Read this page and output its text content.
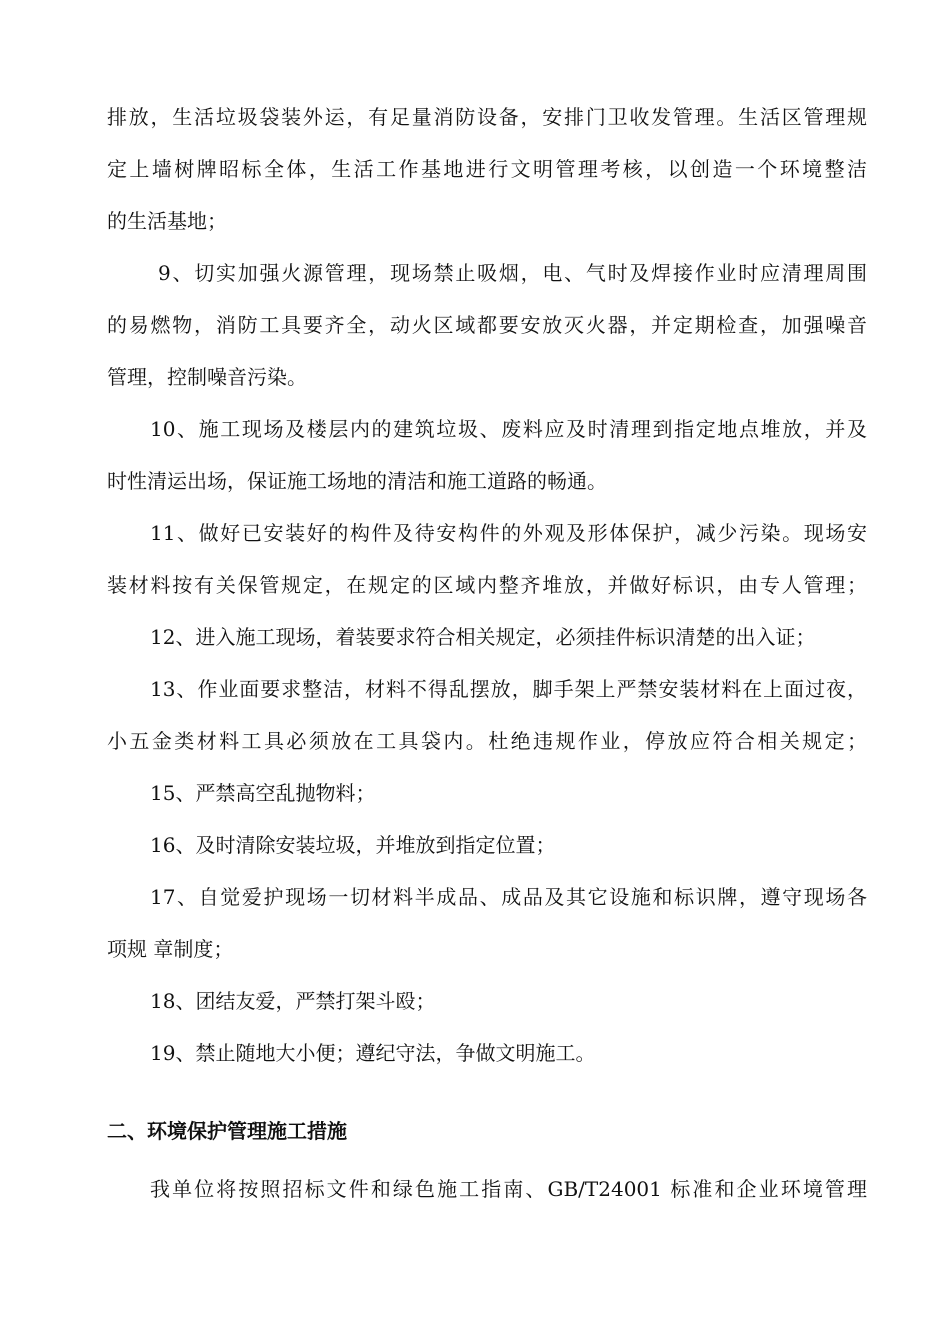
排放，生活垃圾袋装外运，有足量消防设备，安排门卫收发管理。生活区管理规
定上墙树牌昭标全体，生活工作基地进行文明管理考核，以创造一个环境整洁
的生活基地；
9、切实加强火源管理，现场禁止吸烟，电、气时及焊接作业时应清理周围
的易燃物，消防工具要齐全，动火区域都要安放灭火器，并定期检查，加强噪音
管理，控制噪音污染。
10、施工现场及楼层内的建筑垃圾、废料应及时清理到指定地点堆放，并及
时性清运出场，保证施工场地的清洁和施工道路的畅通。
11、做好已安装好的构件及待安构件的外观及形体保护，减少污染。现场安
装材料按有关保管规定，在规定的区域内整齐堆放，并做好标识，由专人管理；
12、进入施工现场，着装要求符合相关规定，必须挂件标识清楚的出入证；
13、作业面要求整洁，材料不得乱摆放，脚手架上严禁安装材料在上面过夜，
小五金类材料工具必须放在工具袋内。杜绝违规作业，停放应符合相关规定；
15、严禁高空乱抛物料；
16、及时清除安装垃圾，并堆放到指定位置；
17、自觉爱护现场一切材料半成品、成品及其它设施和标识牌，遵守现场各
项规 章制度；
18、团结友爱，严禁打架斗殴；
19、禁止随地大小便；遵纪守法，争做文明施工。
二、环境保护管理施工措施
我单位将按照招标文件和绿色施工指南、GB/T24001 标准和企业环境管理
